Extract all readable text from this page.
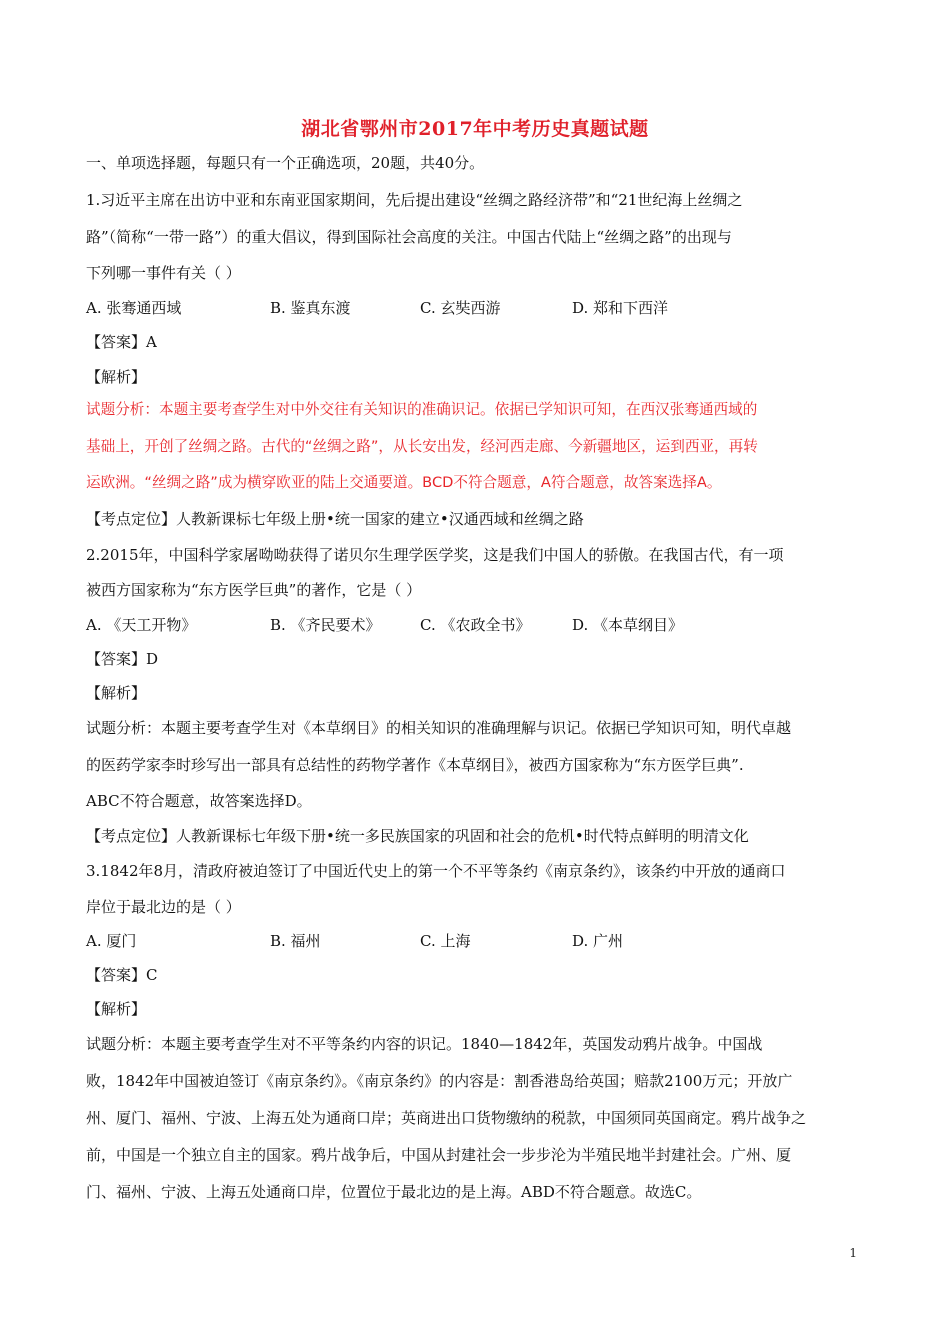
湖北省鄂州市2017年中考历史真题试题
一、单项选择题，每题只有一个正确选项，20题，共40分。
1.习近平主席在出访中亚和东南亚国家期间，先后提出建设“丝绸之路经济带”和“21世纪海上丝绸之
路”（简称“一带一路”）的重大倡议，得到国际社会高度的关注。中国古代陆上“丝绸之路”的出现与
下列哪一事件有关（ ）
A. 张骞通西域	B. 鉴真东渡	C. 玄奘西游	D. 郑和下西洋
【答案】A
【解析】
试题分析：本题主要考查学生对中外交往有关知识的准确识记。依据已学知识可知，在西汉张骞通西域的
基础上，开创了丝绸之路。古代的“丝绸之路”，从长安出发，经河西走廊、今新疆地区，运到西亚，再转
运欧洲。“丝绸之路”成为横穿欧亚的陆上交通要道。BCD不符合题意，A符合题意，故答案选择A。
【考点定位】人教新课标七年级上册•统一国家的建立•汉通西域和丝绸之路
2.2015年，中国科学家屠呦呦获得了诺贝尔生理学医学奖，这是我们中国人的骄傲。在我国古代，有一项
被西方国家称为“东方医学巨典”的著作，它是（ ）
A. 《天工开物》	B. 《齐民要术》	C. 《农政全书》	D. 《本草纲目》
【答案】D
【解析】
试题分析：本题主要考查学生对《本草纲目》的相关知识的准确理解与识记。依据已学知识可知，明代卓越
的医药学家李时珍写出一部具有总结性的药物学著作《本草纲目》，被西方国家称为“东方医学巨典”.
ABC不符合题意，故答案选择D。
【考点定位】人教新课标七年级下册•统一多民族国家的巩固和社会的危机•时代特点鲜明的明清文化
3.1842年8月，清政府被迫签订了中国近代史上的第一个不平等条约《南京条约》，该条约中开放的通商口
岸位于最北边的是（ ）
A. 厦门	B. 福州	C. 上海	D. 广州
【答案】C
【解析】
试题分析：本题主要考查学生对不平等条约内容的识记。1840—1842年，英国发动鸦片战争。中国战
败，1842年中国被迫签订《南京条约》。《南京条约》的内容是：割香港岛给英国；赔款2100万元；开放广
州、厦门、福州、宁波、上海五处为通商口岸；英商进出口货物缴纳的税款，中国须同英国商定。鸦片战争之
前，中国是一个独立自主的国家。鸦片战争后，中国从封建社会一步步沦为半殖民地半封建社会。广州、厦
门、福州、宁波、上海五处通商口岸，位置位于最北边的是上海。ABD不符合题意。故选C。
1
